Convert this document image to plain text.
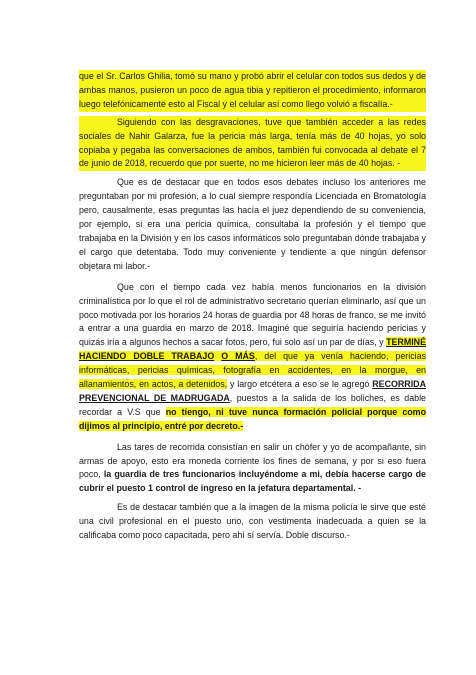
que el Sr. Carlos Ghilia, tomó su mano y probó abrir el celular con todos sus dedos y de ambas manos, pusieron un poco de agua tibia y repitieron el procedimiento, informaron luego telefónicamente esto al Fiscal y el celular así como llego volvió a fiscalía.-

Siguiendo con las desgravaciones, tuve que también acceder a las redes sociales de Nahir Galarza, fue la pericia más larga, tenía más de 40 hojas, yo solo copiaba y pegaba las conversaciones de ambos, también fui convocada al debate el 7 de junio de 2018, recuerdo que por suerte, no me hicieron leer más de 40 hojas. -

Que es de destacar que en todos esos debates incluso los anteriores me preguntaban por mi profesión, a lo cual siempre respondía Licenciada en Bromatología pero, causalmente, esas preguntas las hacía el juez dependiendo de su conveniencia, por ejemplo, si era una pericia química, consultaba la profesión y el tiempo que trabajaba en la División y en los casos informáticos solo preguntaban dónde trabajaba y el cargo que detentaba. Todo muy conveniente y tendiente a que ningún defensor objetara mi labor.-

Que con el tiempo cada vez había menos funcionarios en la división criminalística por lo que el rol de administrativo secretario querían eliminarlo, así que un poco motivada por los horarios 24 horas de guardia por 48 horas de franco, se me invitó a entrar a una guardia en marzo de 2018. Imaginé que seguiría haciendo pericias y quizás iría a algunos hechos a sacar fotos, pero, fui solo así un par de días, y TERMINÉ HACIENDO DOBLE TRABAJO O MÁS, del que ya venía haciendo, pericias informáticas, pericias químicas, fotografía en accidentes, en la morgue, en allanamientos, en actos, a detenidos, y largo etcétera a eso se le agregó RECORRIDA PREVENCIONAL DE MADRUGADA, puestos a la salida de los boliches, es dable recordar a V.S que no tiengo, ni tuve nunca formación policial porque como dijimos al principio, entré por decreto.-

Las tares de recorrida consistían en salir un chófer y yo de acompañante, sin armas de apoyo, esto era moneda corriente los fines de semana, y por si eso fuera poco, la guardia de tres funcionarios incluyéndome a mi, debía hacerse cargo de cubrir el puesto 1 control de ingreso en la jefatura departamental. -

Es de destacar también que a la imagen de la misma policía le sirve que esté una civil profesional en el puesto uno, con vestimenta inadecuada a quien se la calificaba como poco capacitada, pero ahí sí servía. Doble discurso.-
